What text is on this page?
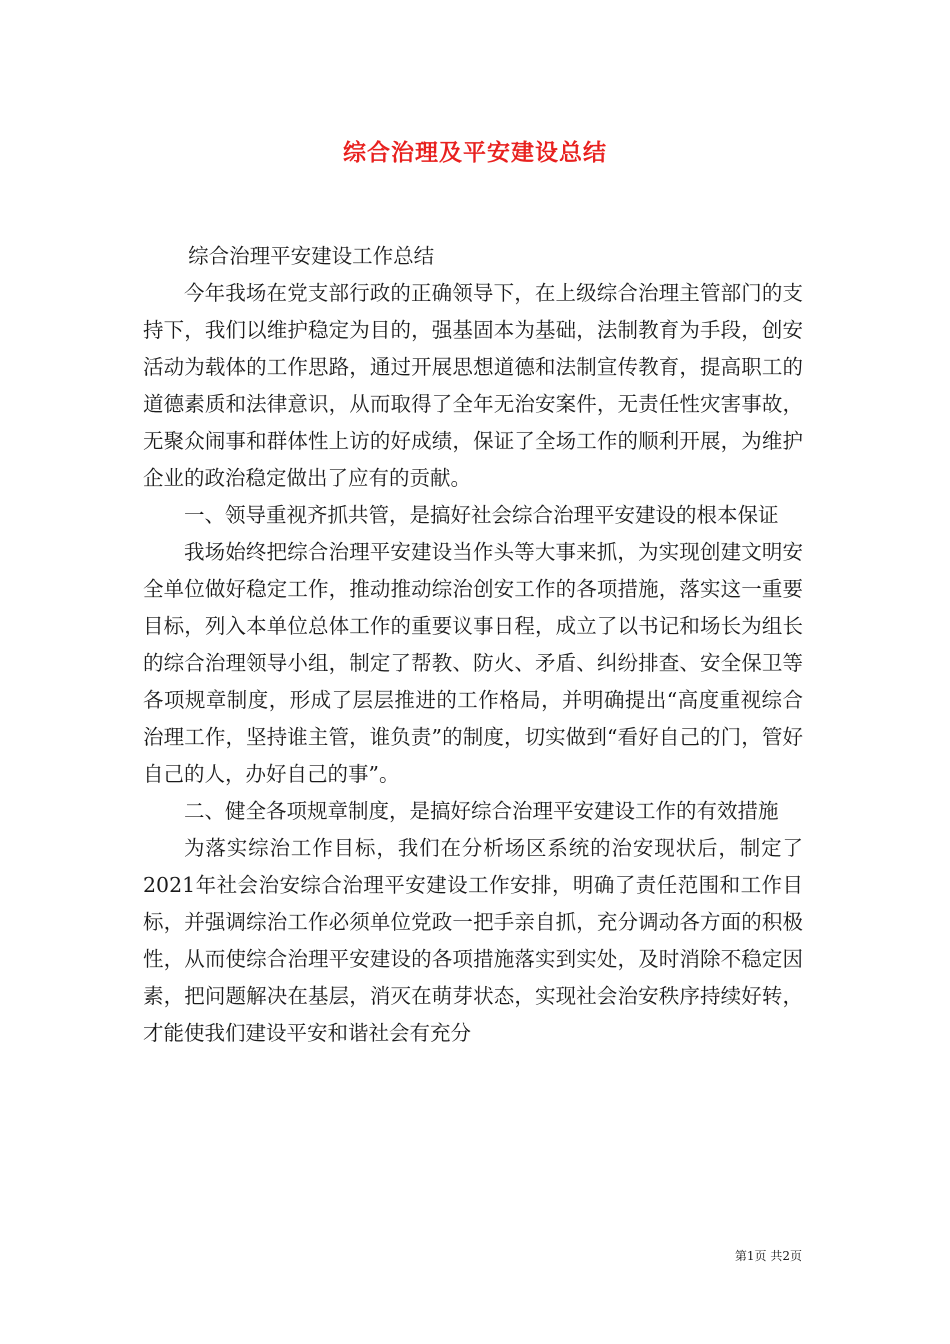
综合治理及平安建设总结

综合治理平安建设工作总结

今年我场在党支部行政的正确领导下，在上级综合治理主管部门的支持下，我们以维护稳定为目的，强基固本为基础，法制教育为手段，创安活动为载体的工作思路，通过开展思想道德和法制宣传教育，提高职工的道德素质和法律意识，从而取得了全年无治安案件，无责任性灾害事故，无聚众闹事和群体性上访的好成绩，保证了全场工作的顺利开展，为维护企业的政治稳定做出了应有的贡献。

一、领导重视齐抓共管，是搞好社会综合治理平安建设的根本保证

我场始终把综合治理平安建设当作头等大事来抓，为实现创建文明安全单位做好稳定工作，推动推动综治创安工作的各项措施，落实这一重要目标，列入本单位总体工作的重要议事日程，成立了以书记和场长为组长的综合治理领导小组，制定了帮教、防火、矛盾、纠纷排查、安全保卫等各项规章制度，形成了层层推进的工作格局，并明确提出“高度重视综合治理工作，坚持谁主管，谁负责”的制度，切实做到“看好自己的门，管好自己的人，办好自己的事”。

二、健全各项规章制度，是搞好综合治理平安建设工作的有效措施

为落实综治工作目标，我们在分析场区系统的治安现状后，制定了2021年社会治安综合治理平安建设工作安排，明确了责任范围和工作目标，并强调综治工作必须单位党政一把手亲自抓，充分调动各方面的积极性，从而使综合治理平安建设的各项措施落实到实处，及时消除不稳定因素，把问题解决在基层，消灭在萌芽状态，实现社会治安秩序持续好转，才能使我们建设平安和谐社会有充分

第1页 共2页
